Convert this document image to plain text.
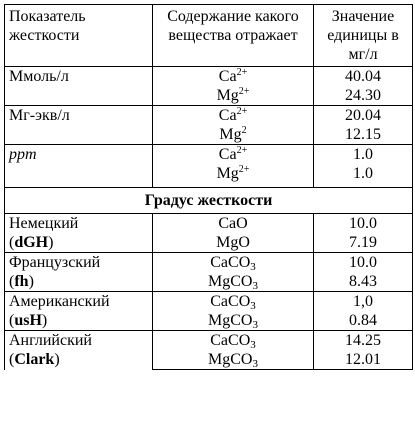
Показатель жесткости	Содержание какого вещества отражает	Значение единицы в мг/л
Ммоль/л	$Ca^{2+}$	40.04
	$Mg^{2+}$	24.30
Мг-экв/л	$Ca^{2+}$	20.04
	Mg$^2$	12.15
ppm	$Ca^{2+}$	1.0
	$Mg^{2+}$	1.0
Градус жесткости		
Немецкий
(dGH)	CaO	10.0
	MgO	7.19
Французский
(fh)	CaCO$_3$	10.0
	MgCO$_3$	8.43
Американский
(usH)	CaCO$_3$	1,0
	MgCO$_3$	0.84
Английский
(Clark)	CaCO$_3$	14.25
	MgCO$_3$	12.01
